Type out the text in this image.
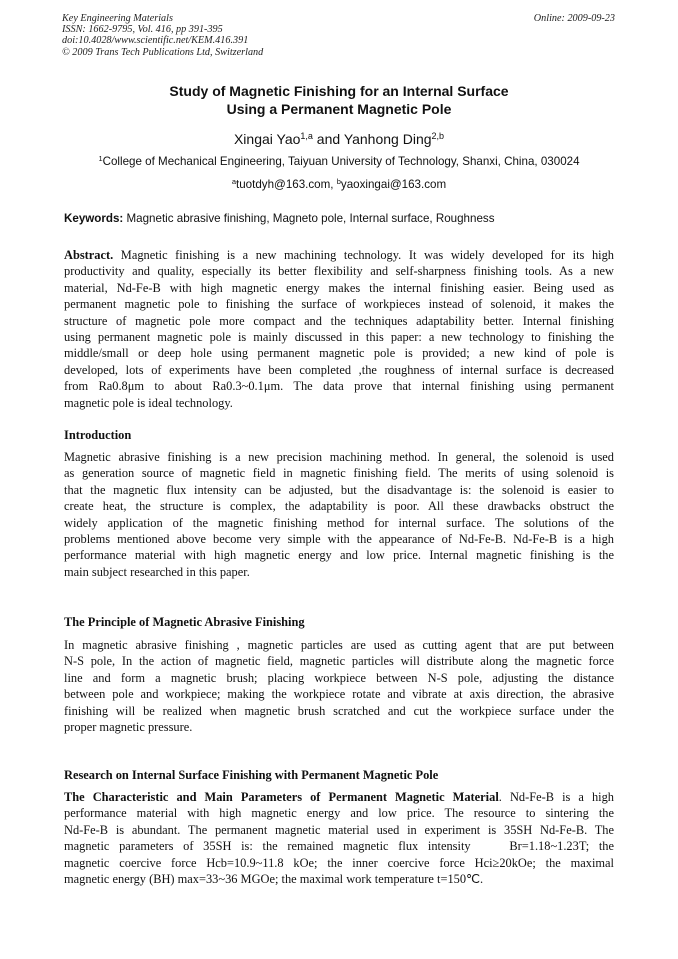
Key Engineering Materials
ISSN: 1662-9795, Vol. 416, pp 391-395
doi:10.4028/www.scientific.net/KEM.416.391
© 2009 Trans Tech Publications Ltd, Switzerland
Online: 2009-09-23
Study of Magnetic Finishing for an Internal Surface
Using a Permanent Magnetic Pole
Xingai Yao$^{1,a}$ and Yanhong Ding$^{2,b}$
$^1$College of Mechanical Engineering, Taiyuan University of Technology, Shanxi, China, 030024
$^a$tuotdyh@163.com, $^b$yaoxingai@163.com
Keywords: Magnetic abrasive finishing, Magneto pole, Internal surface, Roughness
Abstract. Magnetic finishing is a new machining technology. It was widely developed for its high
productivity and quality, especially its better flexibility and self-sharpness finishing tools. As a new
material, Nd-Fe-B with high magnetic energy makes the internal finishing easier. Being used as
permanent magnetic pole to finishing the surface of workpieces instead of solenoid, it makes the
structure of magnetic pole more compact and the techniques adaptability better. Internal finishing
using permanent magnetic pole is mainly discussed in this paper: a new technology to finishing the
middle/small or deep hole using permanent magnetic pole is provided; a new kind of pole is
developed, lots of experiments have been completed ,the roughness of internal surface is decreased
from Ra0.8μm to about Ra0.3~0.1μm. The data prove that internal finishing using permanent
magnetic pole is ideal technology.
Introduction
Magnetic abrasive finishing is a new precision machining method. In general, the solenoid is used
as generation source of magnetic field in magnetic finishing field. The merits of using solenoid is
that the magnetic flux intensity can be adjusted, but the disadvantage is: the solenoid is easier to
create heat, the structure is complex, the adaptability is poor. All these drawbacks obstruct the
widely application of the magnetic finishing method for internal surface. The solutions of the
problems mentioned above become very simple with the appearance of Nd-Fe-B. Nd-Fe-B is a high
performance material with high magnetic energy and low price. Internal magnetic finishing is the
main subject researched in this paper.
The Principle of Magnetic Abrasive Finishing
In magnetic abrasive finishing , magnetic particles are used as cutting agent that are put between
N-S pole, In the action of magnetic field, magnetic particles will distribute along the magnetic force
line and form a magnetic brush; placing workpiece between N-S pole, adjusting the distance
between pole and workpiece; making the workpiece rotate and vibrate at axis direction, the abrasive
finishing will be realized when magnetic brush scratched and cut the workpiece surface under the
proper magnetic pressure.
Research on Internal Surface Finishing with Permanent Magnetic Pole
The Characteristic and Main Parameters of Permanent Magnetic Material. Nd-Fe-B is a high
performance material with high magnetic energy and low price. The resource to sintering the
Nd-Fe-B is abundant. The permanent magnetic material used in experiment is 35SH Nd-Fe-B. The
magnetic parameters of 35SH is: the remained magnetic flux intensity    Br=1.18~1.23T; the
magnetic coercive force Hcb=10.9~11.8 kOe; the inner coercive force Hci≥20kOe; the maximal
magnetic energy (BH) max=33~36 MGOe; the maximal work temperature t=150℃.
